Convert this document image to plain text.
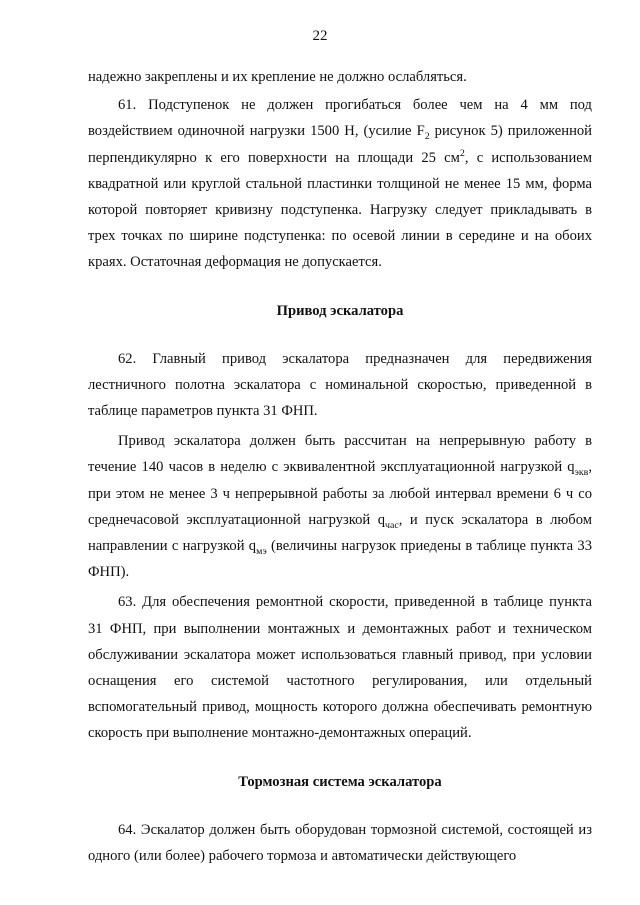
22

надежно закреплены и их крепление не должно ослабляться.

61. Подступенок не должен прогибаться более чем на 4 мм под воздействием одиночной нагрузки 1500 Н, (усилие $F_2$ рисунок 5) приложенной перпендикулярно к его поверхности на площади 25 $см^2$, с использованием квадратной или круглой стальной пластинки толщиной не менее 15 мм, форма которой повторяет кривизну подступенка. Нагрузку следует прикладывать в трех точках по ширине подступенка: по осевой линии в середине и на обоих краях. Остаточная деформация не допускается.

Привод эскалатора

62. Главный привод эскалатора предназначен для передвижения лестничного полотна эскалатора с номинальной скоростью, приведенной в таблице параметров пункта 31 ФНП.

Привод эскалатора должен быть рассчитан на непрерывную работу в течение 140 часов в неделю с эквивалентной эксплуатационной нагрузкой $q_{экв}$, при этом не менее 3 ч непрерывной работы за любой интервал времени 6 ч со среднечасовой эксплуатационной нагрузкой $q_{час}$, и пуск эскалатора в любом направлении с нагрузкой $q_{мэ}$ (величины нагрузок приедены в таблице пункта 33 ФНП).

63. Для обеспечения ремонтной скорости, приведенной в таблице пункта 31 ФНП, при выполнении монтажных и демонтажных работ и техническом обслуживании эскалатора может использоваться главный привод, при условии оснащения его системой частотного регулирования, или отдельный вспомогательный привод, мощность которого должна обеспечивать ремонтную скорость при выполнение монтажно-демонтажных операций.

Тормозная система эскалатора

64. Эскалатор должен быть оборудован тормозной системой, состоящей из одного (или более) рабочего тормоза и автоматически действующего
